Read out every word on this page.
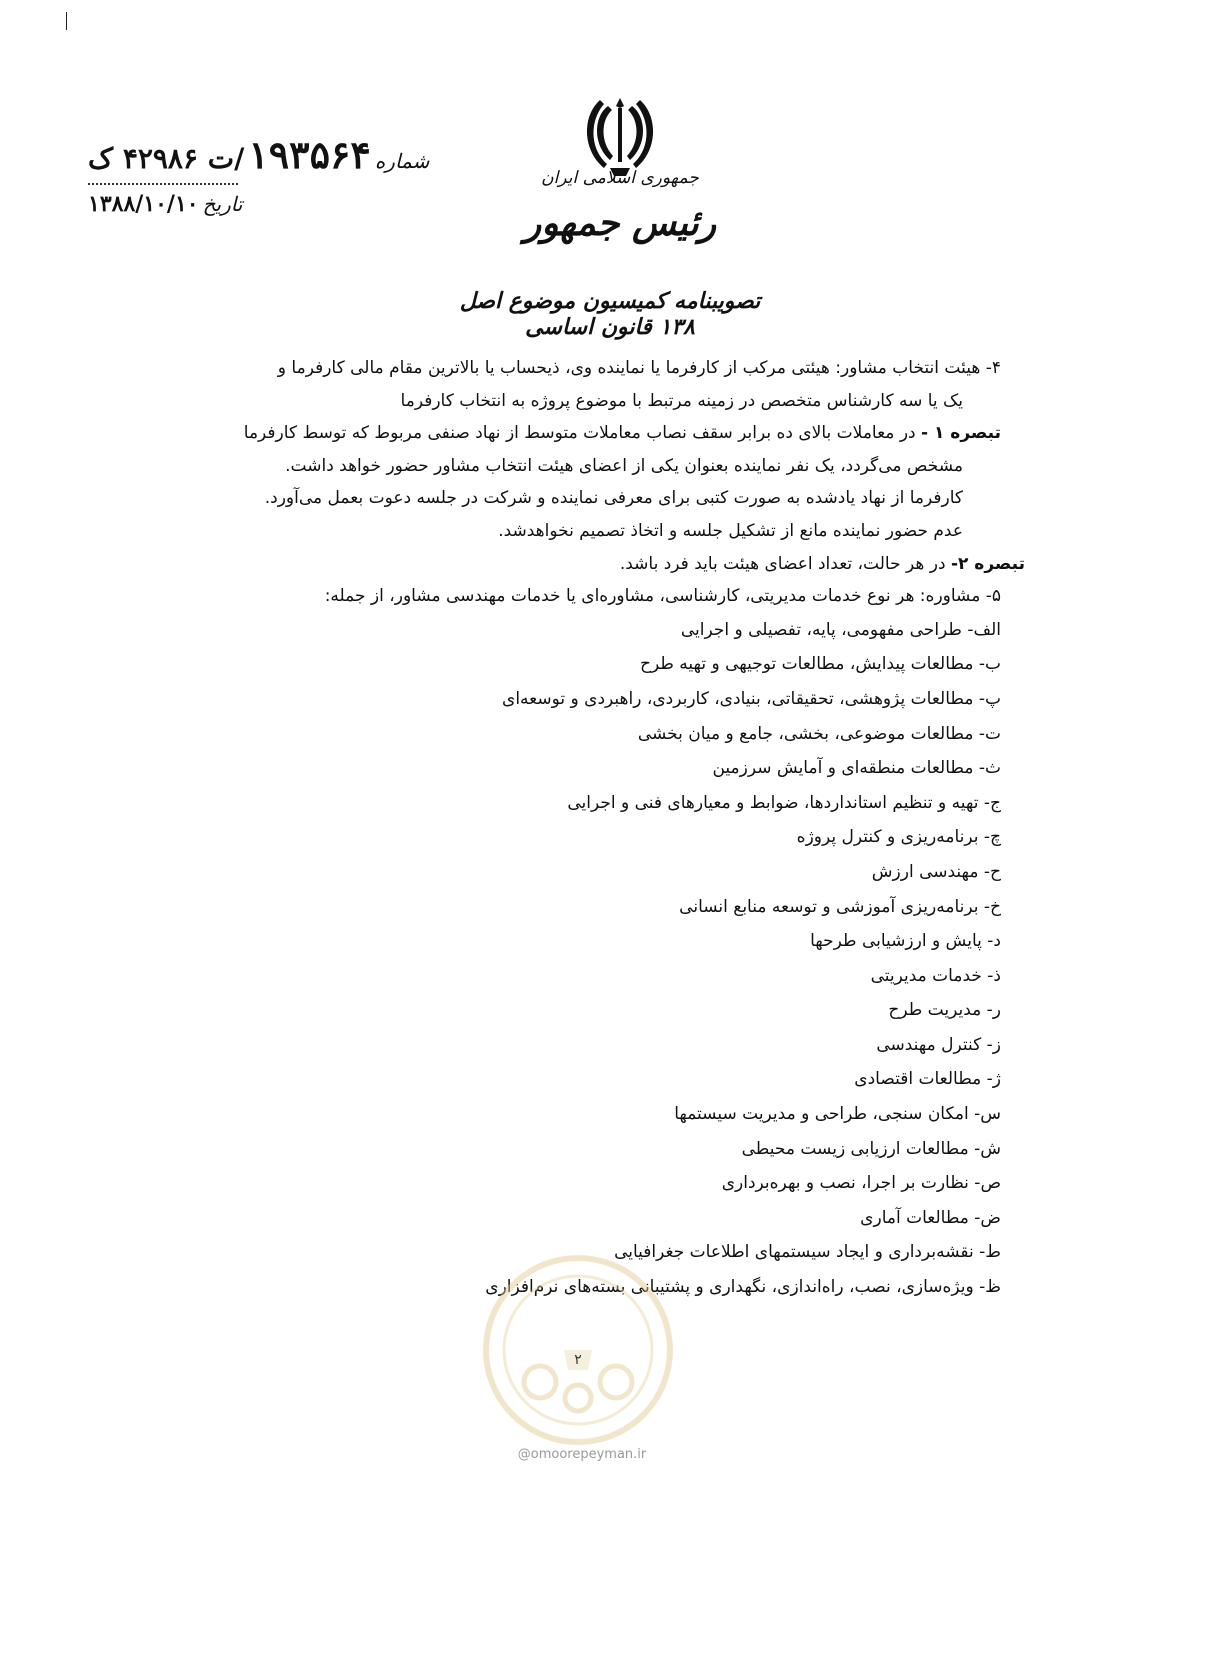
جمهوری اسلامی ایران
رئیس جمهور
تصویبنامه کمیسیون موضوع اصل ۱۳۸ قانون اساسی
شماره
۱۹۳۵۶۴
/ت ۴۲۹۸۶ ک
تاریخ
۱۳۸۸/۱۰/۱۰

۴- هیئت انتخاب مشاور: هیئتی مرکب از کارفرما یا نماینده وی، ذیحساب یا بالاترین مقام مالی کارفرما و

یک یا سه کارشناس متخصص در زمینه مرتبط با موضوع پروژه به انتخاب کارفرما

تبصره ۱ - در معاملات بالای ده برابر سقف نصاب معاملات متوسط از نهاد صنفی مربوط که توسط کارفرما

مشخص می‌گردد، یک نفر نماینده بعنوان یکی از اعضای هیئت انتخاب مشاور حضور خواهد داشت.

کارفرما از نهاد یادشده به صورت کتبی برای معرفی نماینده و شرکت در جلسه دعوت بعمل می‌آورد.

عدم حضور نماینده مانع از تشکیل جلسه و اتخاذ تصمیم نخواهدشد.

تبصره ۲- در هر حالت، تعداد اعضای هیئت باید فرد باشد.

۵- مشاوره: هر نوع خدمات مدیریتی، کارشناسی، مشاوره‌ای یا خدمات مهندسی مشاور، از جمله:

الف- طراحی مفهومی، پایه، تفصیلی و اجرایی
ب- مطالعات پیدایش، مطالعات توجیهی و تهیه طرح
پ- مطالعات پژوهشی، تحقیقاتی، بنیادی، کاربردی، راهبردی و توسعه‌ای
ت- مطالعات موضوعی، بخشی، جامع و میان بخشی
ث- مطالعات منطقه‌ای و آمایش سرزمین
ج- تهیه و تنظیم استانداردها، ضوابط و معیارهای فنی و اجرایی
چ- برنامه‌ریزی و کنترل پروژه
ح- مهندسی ارزش
خ- برنامه‌ریزی آموزشی و توسعه منابع انسانی
د- پایش و ارزشیابی طرحها
ذ- خدمات مدیریتی
ر- مدیریت طرح
ز- کنترل مهندسی
ژ- مطالعات اقتصادی
س- امکان سنجی، طراحی و مدیریت سیستمها
ش- مطالعات ارزیابی زیست محیطی
ص- نظارت بر اجرا، نصب و بهره‌برداری
ض- مطالعات آماری
ط- نقشه‌برداری و ایجاد سیستمهای اطلاعات جغرافیایی
ظ- ویژه‌سازی، نصب، راه‌اندازی، نگهداری و پشتیبانی بسته‌های نرم‌افزاری
۲
@omoorepeyman.ir
